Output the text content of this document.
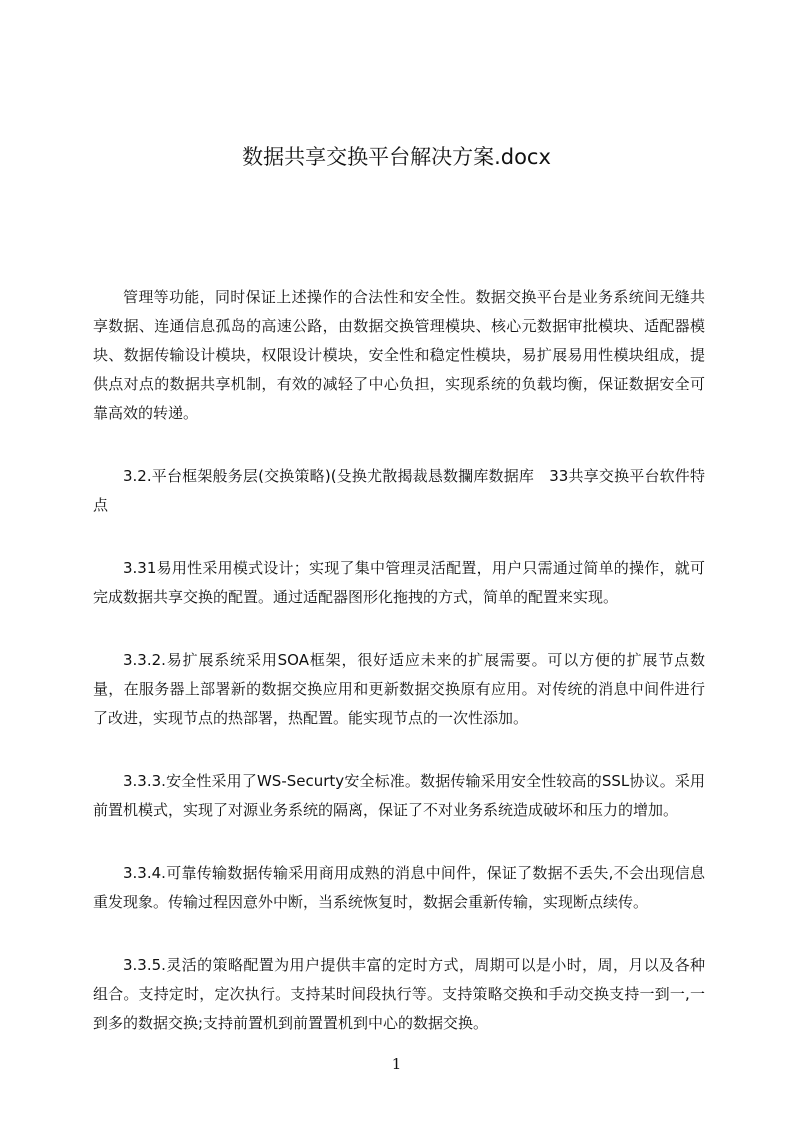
数据共享交换平台解决方案.docx

管理等功能，同时保证上述操作的合法性和安全性。数据交换平台是业务系统间无缝共享数据、连通信息孤岛的高速公路，由数据交换管理模块、核心元数据审批模块、适配器模块、数据传输设计模块，权限设计模块，安全性和稳定性模块，易扩展易用性模块组成，提供点对点的数据共享机制，有效的减轻了中心负担，实现系统的负载均衡，保证数据安全可靠高效的转递。

3.2.平台框架般务层(交换策略)(殳换尤散揭裁恳数攔库数据库　33共享交换平台软件特点

3.31易用性采用模式设计；实现了集中管理灵活配置，用户只需通过简单的操作，就可完成数据共享交换的配置。通过适配器图形化拖拽的方式，简单的配置来实现。

3.3.2.易扩展系统采用SOA框架，很好适应未来的扩展需要。可以方便的扩展节点数量，在服务器上部署新的数据交换应用和更新数据交换原有应用。对传统的消息中间件进行了改进，实现节点的热部署，热配置。能实现节点的一次性添加。

3.3.3.安全性采用了WS-Securty安全标准。数据传输采用安全性较高的SSL协议。采用前置机模式，实现了对源业务系统的隔离，保证了不对业务系统造成破坏和压力的增加。

3.3.4.可靠传输数据传输采用商用成熟的消息中间件，保证了数据不丢失,不会出现信息重发现象。传输过程因意外中断，当系统恢复时，数据会重新传输，实现断点续传。

3.3.5.灵活的策略配置为用户提供丰富的定时方式，周期可以是小时，周，月以及各种组合。支持定时，定次执行。支持某时间段执行等。支持策略交换和手动交换支持一到一,一到多的数据交换;支持前置机到前置置机到中心的数据交换。

1
